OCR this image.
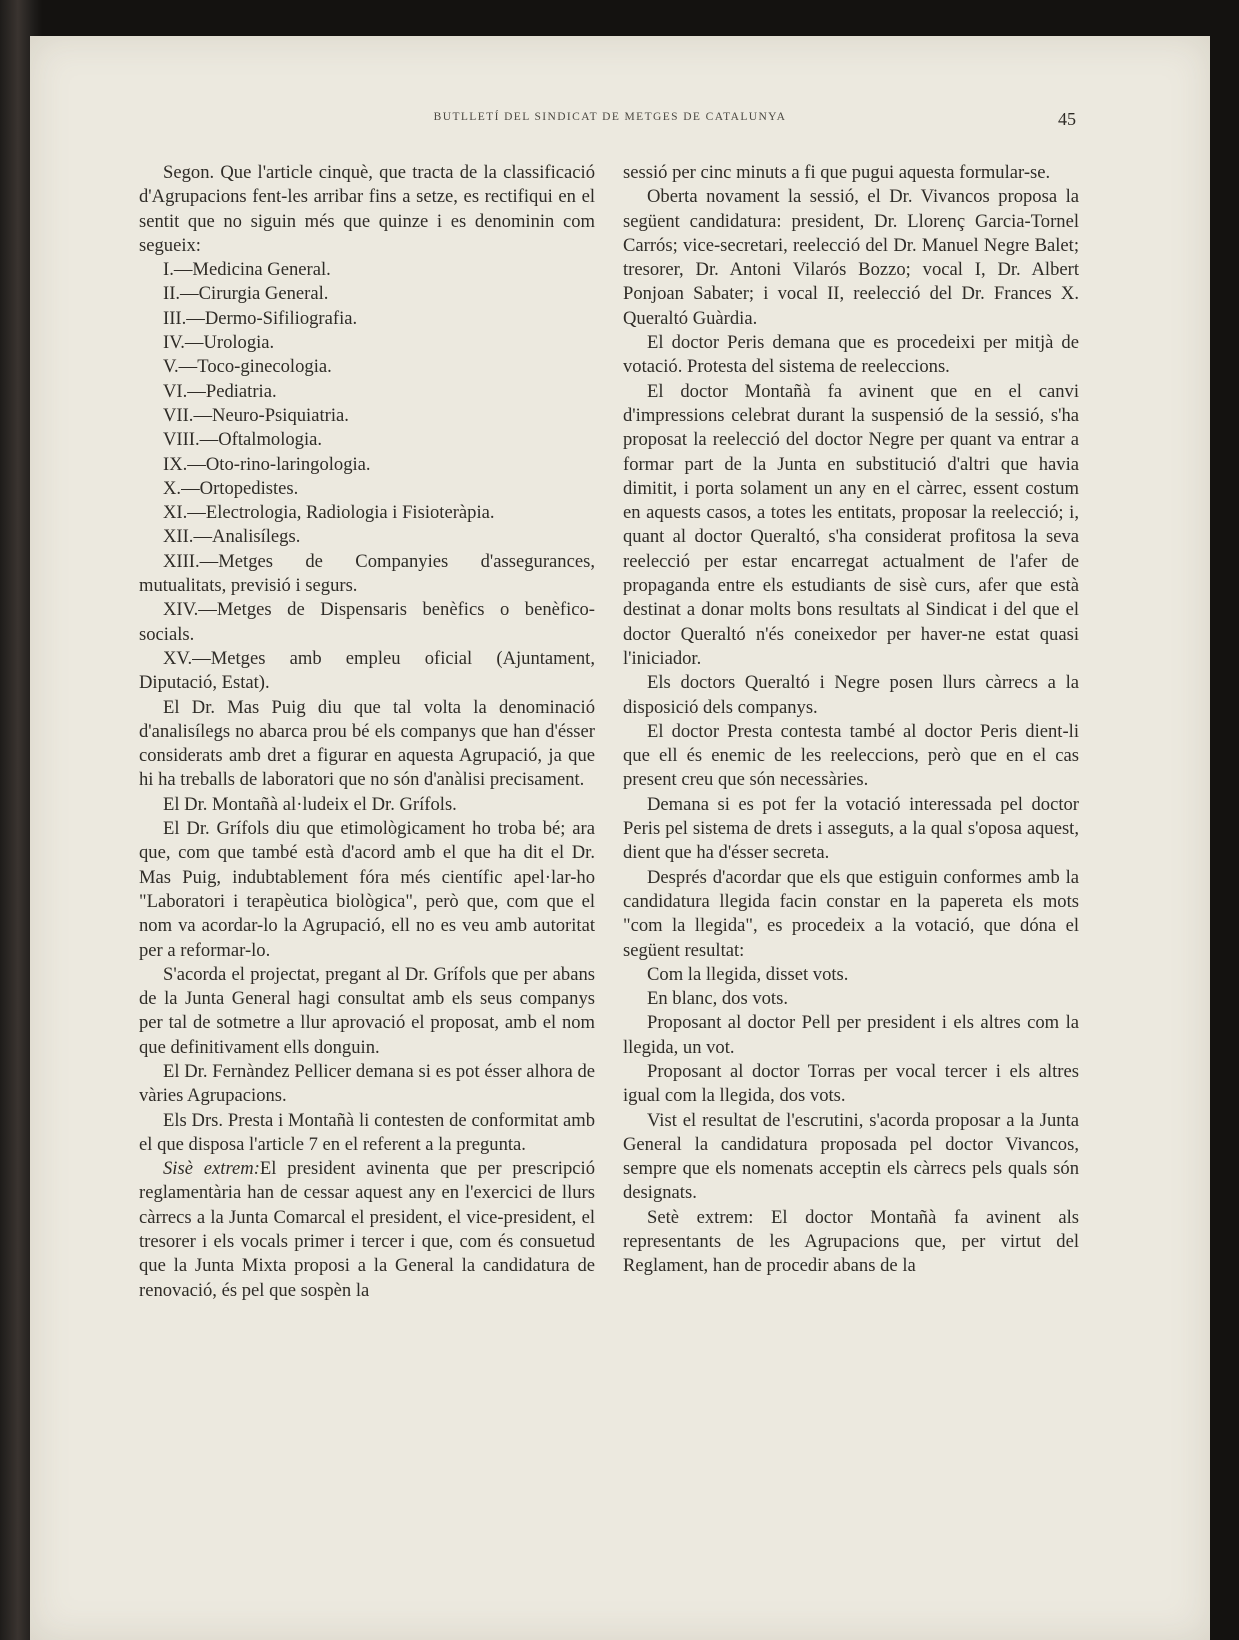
BUTLLETÍ DEL SINDICAT DE METGES DE CATALUNYA	45

Segon. Que l'article cinquè, que tracta de la classificació d'Agrupacions fent-les arribar fins a setze, es rectifiqui en el sentit que no siguin més que quinze i es denominin com segueix:

I.—Medicina General.

II.—Cirurgia General.

III.—Dermo-Sifiliografia.

IV.—Urologia.

V.—Toco-ginecologia.

VI.—Pediatria.

VII.—Neuro-Psiquiatria.

VIII.—Oftalmologia.

IX.—Oto-rino-laringologia.

X.—Ortopedistes.

XI.—Electrologia, Radiologia i Fisioteràpia.

XII.—Analisílegs.

XIII.—Metges de Companyies d'assegurances, mutualitats, previsió i segurs.

XIV.—Metges de Dispensaris benèfics o benèfico-socials.

XV.—Metges amb empleu oficial (Ajuntament, Diputació, Estat).

El Dr. Mas Puig diu que tal volta la denominació d'analisílegs no abarca prou bé els companys que han d'ésser considerats amb dret a figurar en aquesta Agrupació, ja que hi ha treballs de laboratori que no són d'anàlisi precisament.

El Dr. Montañà al·ludeix el Dr. Grífols.

El Dr. Grífols diu que etimològicament ho troba bé; ara que, com que també està d'acord amb el que ha dit el Dr. Mas Puig, indubtablement fóra més científic apel·lar-ho "Laboratori i terapèutica biològica", però que, com que el nom va acordar-lo la Agrupació, ell no es veu amb autoritat per a reformar-lo.

S'acorda el projectat, pregant al Dr. Grífols que per abans de la Junta General hagi consultat amb els seus companys per tal de sotmetre a llur aprovació el proposat, amb el nom que definitivament ells donguin.

El Dr. Fernàndez Pellicer demana si es pot ésser alhora de vàries Agrupacions.

Els Drs. Presta i Montañà li contesten de conformitat amb el que disposa l'article 7 en el referent a la pregunta.

Sisè extrem:El president avinenta que per prescripció reglamentària han de cessar aquest any en l'exercici de llurs càrrecs a la Junta Comarcal el president, el vice-president, el tresorer i els vocals primer i tercer i que, com és consuetud que la Junta Mixta proposi a la General la candidatura de renovació, és pel que sospèn la

sessió per cinc minuts a fi que pugui aquesta formular-se.

Oberta novament la sessió, el Dr. Vivancos proposa la següent candidatura: president, Dr. Llorenç Garcia-Tornel Carrós; vice-secretari, reelecció del Dr. Manuel Negre Balet; tresorer, Dr. Antoni Vilarós Bozzo; vocal I, Dr. Albert Ponjoan Sabater; i vocal II, reelecció del Dr. Frances X. Queraltó Guàrdia.

El doctor Peris demana que es procedeixi per mitjà de votació. Protesta del sistema de reeleccions.

El doctor Montañà fa avinent que en el canvi d'impressions celebrat durant la suspensió de la sessió, s'ha proposat la reelecció del doctor Negre per quant va entrar a formar part de la Junta en substitució d'altri que havia dimitit, i porta solament un any en el càrrec, essent costum en aquests casos, a totes les entitats, proposar la reelecció; i, quant al doctor Queraltó, s'ha considerat profitosa la seva reelecció per estar encarregat actualment de l'afer de propaganda entre els estudiants de sisè curs, afer que està destinat a donar molts bons resultats al Sindicat i del que el doctor Queraltó n'és coneixedor per haver-ne estat quasi l'iniciador.

Els doctors Queraltó i Negre posen llurs càrrecs a la disposició dels companys.

El doctor Presta contesta també al doctor Peris dient-li que ell és enemic de les reeleccions, però que en el cas present creu que són necessàries.

Demana si es pot fer la votació interessada pel doctor Peris pel sistema de drets i asseguts, a la qual s'oposa aquest, dient que ha d'ésser secreta.

Després d'acordar que els que estiguin conformes amb la candidatura llegida facin constar en la papereta els mots "com la llegida", es procedeix a la votació, que dóna el següent resultat:

Com la llegida, disset vots.

En blanc, dos vots.

Proposant al doctor Pell per president i els altres com la llegida, un vot.

Proposant al doctor Torras per vocal tercer i els altres igual com la llegida, dos vots.

Vist el resultat de l'escrutini, s'acorda proposar a la Junta General la candidatura proposada pel doctor Vivancos, sempre que els nomenats acceptin els càrrecs pels quals són designats.

Setè extrem: El doctor Montañà fa avinent als representants de les Agrupacions que, per virtut del Reglament, han de procedir abans de la
